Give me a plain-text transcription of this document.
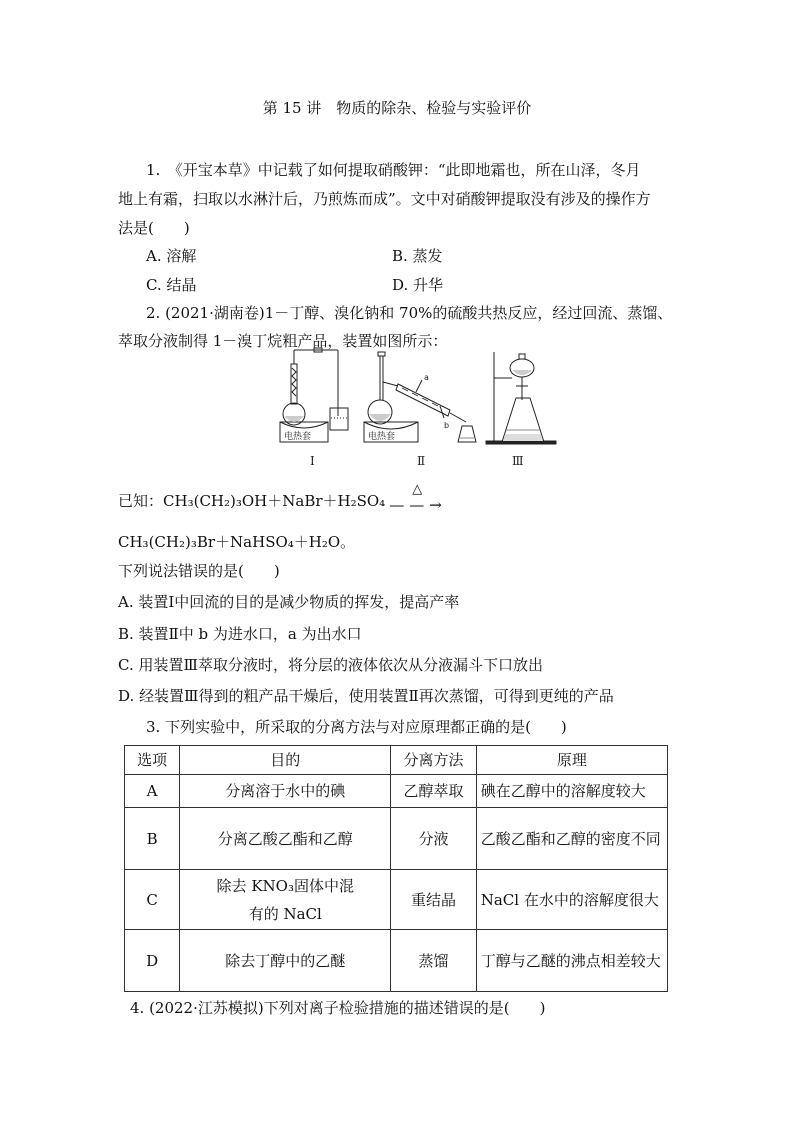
第 15 讲　物质的除杂、检验与实验评价
1.　《开宝本草》中记载了如何提取硝酸钾：“此即地霜也，所在山泽，冬月
地上有霜，扫取以水淋汁后，乃煎炼而成”。文中对硝酸钾提取没有涉及的操作方
法是(　　)
A. 溶解	B. 蒸发
C. 结晶	D. 升华
2. (2021·湖南卷)1－丁醇、溴化钠和 70%的硫酸共热反应，经过回流、蒸馏、
萃取分液制得 1－溴丁烷粗产品，装置如图所示：
电热套
a
b
电热套
Ⅰ	Ⅱ	Ⅲ
已知：CH₃(CH₂)₃OH＋NaBr＋H₂SO₄
△
— — →
CH₃(CH₂)₃Br＋NaHSO₄＋H₂O。
下列说法错误的是(　　)
A. 装置Ⅰ中回流的目的是减少物质的挥发，提高产率
B. 装置Ⅱ中 b 为进水口，a 为出水口
C. 用装置Ⅲ萃取分液时，将分层的液体依次从分液漏斗下口放出
D. 经装置Ⅲ得到的粗产品干燥后，使用装置Ⅱ再次蒸馏，可得到更纯的产品
3. 下列实验中，所采取的分离方法与对应原理都正确的是(　　)
选项	目的	分离方法	原理
A	分离溶于水中的碘	乙醇萃取	碘在乙醇中的溶解度较大
B	分离乙酸乙酯和乙醇	分液	乙酸乙酯和乙醇的密度不同
C	除去 KNO₃固体中混有的 NaCl	重结晶	NaCl 在水中的溶解度很大
D	除去丁醇中的乙醚	蒸馏	丁醇与乙醚的沸点相差较大
4. (2022·江苏模拟)下列对离子检验措施的描述错误的是(　　)
